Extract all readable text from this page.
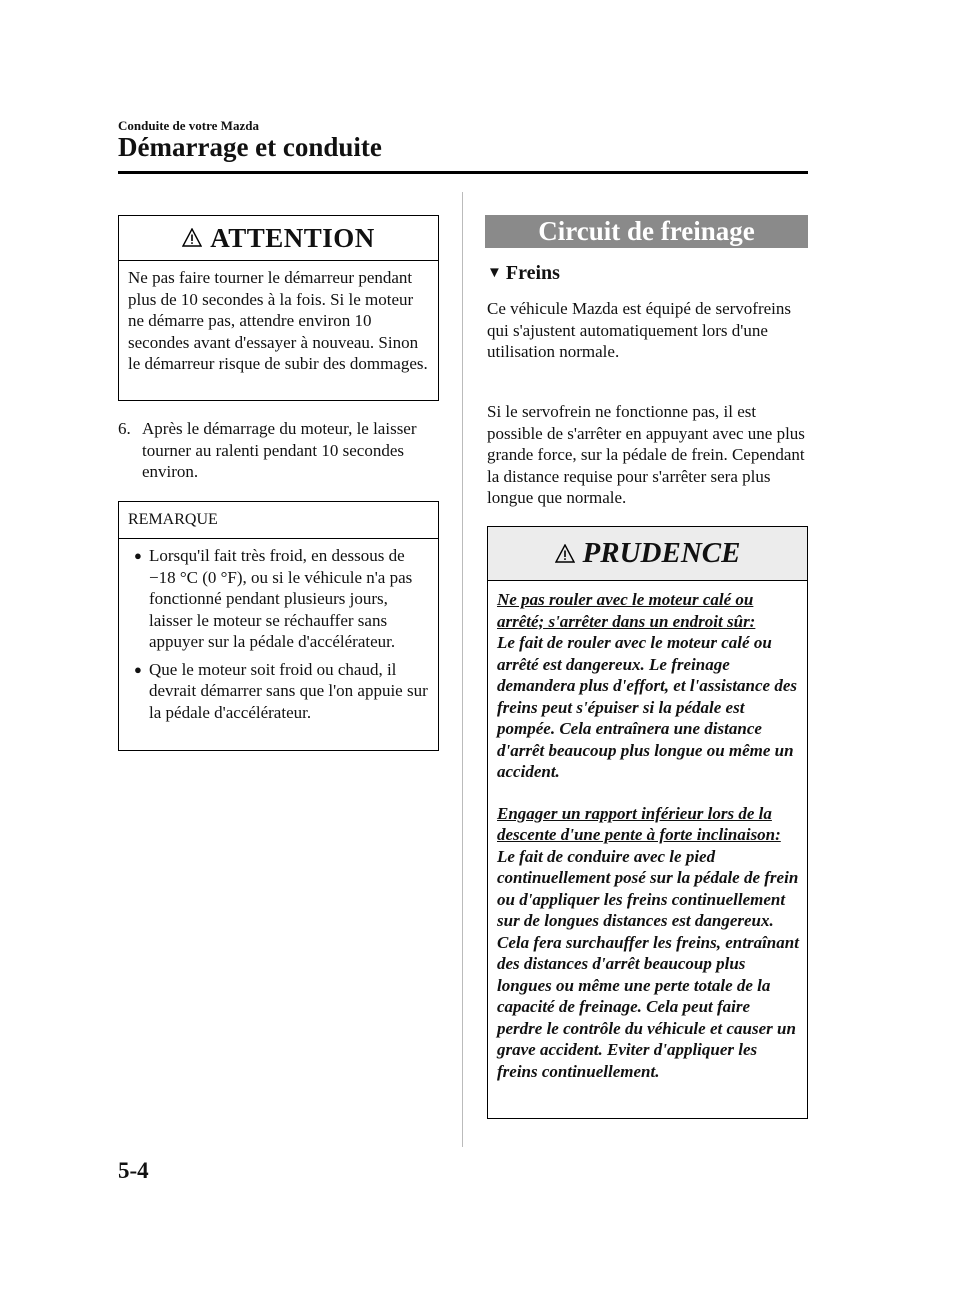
Conduite de votre Mazda
Démarrage et conduite
ATTENTION
Ne pas faire tourner le démarreur pendant plus de 10 secondes à la fois. Si le moteur ne démarre pas, attendre environ 10 secondes avant d'essayer à nouveau. Sinon le démarreur risque de subir des dommages.
6. Après le démarrage du moteur, le laisser tourner au ralenti pendant 10 secondes environ.
REMARQUE
● Lorsqu'il fait très froid, en dessous de −18 °C (0 °F), ou si le véhicule n'a pas fonctionné pendant plusieurs jours, laisser le moteur se réchauffer sans appuyer sur la pédale d'accélérateur.
● Que le moteur soit froid ou chaud, il devrait démarrer sans que l'on appuie sur la pédale d'accélérateur.
Circuit de freinage
▼ Freins

Ce véhicule Mazda est équipé de servofreins qui s'ajustent automatiquement lors d'une utilisation normale.

Si le servofrein ne fonctionne pas, il est possible de s'arrêter en appuyant avec une plus grande force, sur la pédale de frein. Cependant la distance requise pour s'arrêter sera plus longue que normale.

PRUDENCE
Ne pas rouler avec le moteur calé ou arrêté; s'arrêter dans un endroit sûr:
Le fait de rouler avec le moteur calé ou arrêté est dangereux. Le freinage demandera plus d'effort, et l'assistance des freins peut s'épuiser si la pédale est pompée. Cela entraînera une distance d'arrêt beaucoup plus longue ou même un accident.
Engager un rapport inférieur lors de la descente d'une pente à forte inclinaison:
Le fait de conduire avec le pied continuellement posé sur la pédale de frein ou d'appliquer les freins continuellement sur de longues distances est dangereux. Cela fera surchauffer les freins, entraînant des distances d'arrêt beaucoup plus longues ou même une perte totale de la capacité de freinage. Cela peut faire perdre le contrôle du véhicule et causer un grave accident. Eviter d'appliquer les freins continuellement.
5-4
